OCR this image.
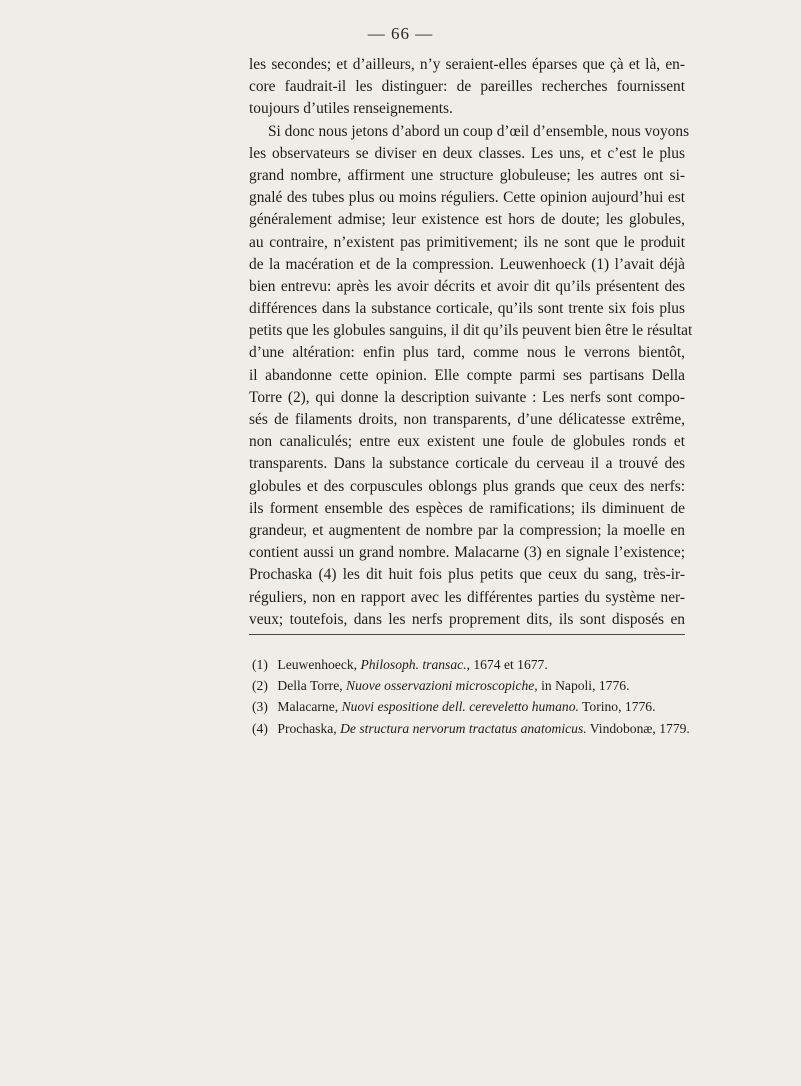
— 66 —
les secondes; et d’ailleurs, n’y seraient-elles éparses que çà et là, en-
core faudrait-il les distinguer: de pareilles recherches fournissent
toujours d’utiles renseignements.
Si donc nous jetons d’abord un coup d’œil d’ensemble, nous voyons
les observateurs se diviser en deux classes. Les uns, et c’est le plus
grand nombre, affirment une structure globuleuse; les autres ont si-
gnalé des tubes plus ou moins réguliers. Cette opinion aujourd’hui est
généralement admise; leur existence est hors de doute; les globules,
au contraire, n’existent pas primitivement; ils ne sont que le produit
de la macération et de la compression. Leuwenhoeck (1) l’avait déjà
bien entrevu: après les avoir décrits et avoir dit qu’ils présentent des
différences dans la substance corticale, qu’ils sont trente six fois plus
petits que les globules sanguins, il dit qu’ils peuvent bien être le résultat
d’une altération: enfin plus tard, comme nous le verrons bientôt,
il abandonne cette opinion. Elle compte parmi ses partisans Della
Torre (2), qui donne la description suivante : Les nerfs sont compo-
sés de filaments droits, non transparents, d’une délicatesse extrême,
non canaliculés; entre eux existent une foule de globules ronds et
transparents. Dans la substance corticale du cerveau il a trouvé des
globules et des corpuscules oblongs plus grands que ceux des nerfs:
ils forment ensemble des espèces de ramifications; ils diminuent de
grandeur, et augmentent de nombre par la compression; la moelle en
contient aussi un grand nombre. Malacarne (3) en signale l’existence;
Prochaska (4) les dit huit fois plus petits que ceux du sang, très-ir-
réguliers, non en rapport avec les différentes parties du système ner-
veux; toutefois, dans les nerfs proprement dits, ils sont disposés en
(1) Leuwenhoeck, Philosoph. transac., 1674 et 1677.
(2) Della Torre, Nuove osservazioni microscopiche, in Napoli, 1776.
(3) Malacarne, Nuovi espositione dell. cereveletto humano. Torino, 1776.
(4) Prochaska, De structura nervorum tractatus anatomicus. Vindobonæ, 1779.
